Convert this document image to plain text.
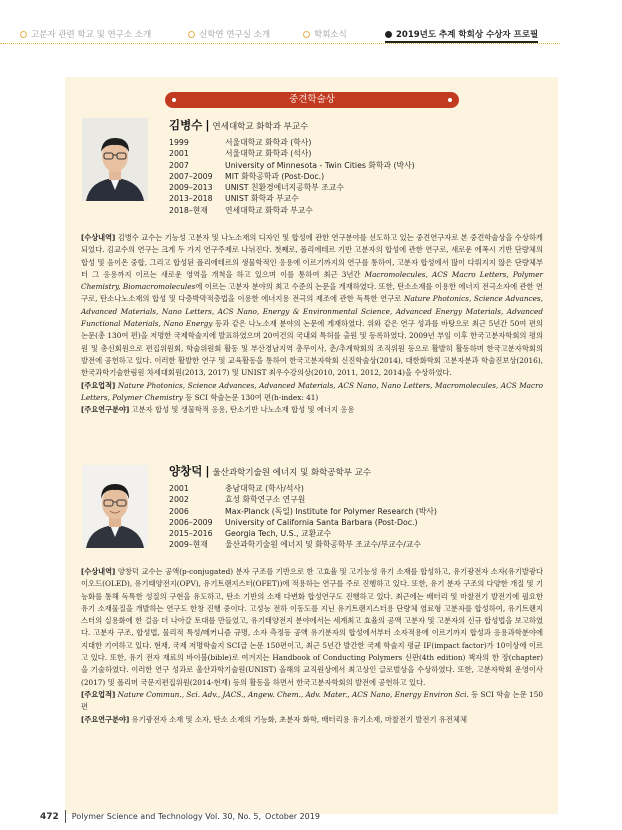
고분자 관련 학교 및 연구소 소개	신학연 연구실 소개	학회소식	2019년도 추계 학회상 수상자 프로필
중견학술상
김병수 | 연세대학교 화학과 부교수
1999	서울대학교 화학과 (학사)
2001	서울대학교 화학과 (석사)
2007	University of Minnesota - Twin Cities 화학과 (박사)
2007–2009 MIT 화학공학과 (Post-Doc.)
2009–2013 UNIST 친환경에너지공학부 조교수
2013–2018 UNIST 화학과 부교수
2018–현재 연세대학교 화학과 부교수

[수상내역] 김병수 교수는 기능성 고분자 및 나노소재의 디자인 및 합성에 관한 연구분야를 선도하고 있는 중견연구자로 본 중견학술상을 수상하게 되었다. 김교수의 연구는 크게 두 가지 연구주제로 나뉘진다. 첫째로, 폴리에테르 기반 고분자의 합성에 관한 연구로, 새로운 에폭시 기반 단량체의 합성 및 음이온 중합, 그리고 합성된 폴리에테르의 생물학적인 응용에 이르기까지의 연구를 통하여, 고분자 합성에서 많이 다뤄지지 않은 단량체부터 그 응용까지 이르는 새로운 영역을 개척을 하고 있으며 이를 통하여 최근 3년간 Macromolecules, ACS Macro Letters, Polymer Chemistry, Biomacromolecules에 이르는 고분자 분야의 최고 수준의 논문을 게재하였다. 또한, 탄소소재를 이용한 에너지 전극소자에 관한 연구로, 탄소나노소재의 합성 및 다층박막적층법을 이용한 에너지용 전극의 제조에 관한 독특한 연구로 Nature Photonics, Science Advances, Advanced Materials, Nano Letters, ACS Nano, Energy & Environmental Science, Advanced Energy Materials, Advanced Functional Materials, Nano Energy 등과 같은 나노소재 분야의 논문에 게재하였다. 위와 같은 연구 성과를 바탕으로 최근 5년간 50여 편의 논문(총 130여 편)을 저명한 국제학술지에 발표하였으며 20여건의 국내외 특허를 출원 및 등록하였다. 2009년 부임 이후 한국고분자학회의 평의원 및 총신회원으로 편집위원회, 학술위원회 활동 및 부산경남지역 총무이사, 춘/추계학회의 조직위원 등으로 활발히 활동하며 한국고분자학회의 발전에 공헌하고 있다. 이러한 활발한 연구 및 교육활동을 통하여 한국고분자학회 신진학술상(2014), 대한화학회 고분자분과 학술진보상(2016), 한국과학기술한림원 차세대회원(2013, 2017) 및 UNIST 최우수강의상(2010, 2011, 2012, 2014)을 수상하였다.

[주요업적] Nature Photonics, Science Advances, Advanced Materials, ACS Nano, Nano Letters, Macromolecules, ACS Macro Letters, Polymer Chemistry 등 SCI 학술논문 130여 편(h-index: 41)

[주요연구분야] 고분자 합성 및 생물학적 응용, 탄소기반 나노소재 합성 및 에너지 응용

양창덕 | 울산과학기술원 에너지 및 화학공학부 교수
2001	충남대학교 (학사/석사)
2002	효성 화학연구소 연구원
2006	Max-Planck (독일) Institute for Polymer Research (박사)
2006–2009 University of California Santa Barbara (Post-Doc.)
2015–2016 Georgia Tech, U.S., 교환교수
2009–현재 울산과학기술원 에너지 및 화학공학부 조교수/부교수/교수

[수상내역] 양창덕 교수는 공액(p-conjugated) 분자 구조를 기반으로 한 고효율 및 고기능성 유기 소재를 합성하고, 유기광전자 소자(유기발광다이오드(OLED), 유기태양전지(OPV), 유기트랜지스터(OFET))에 적용하는 연구를 주로 진행하고 있다. 또한, 유기 분자 구조의 다양한 개질 및 기능화를 통해 독특한 성질의 구현을 유도하고, 탄소 기반의 소재 다변화 합성연구도 진행하고 있다. 최근에는 배터리 및 마찰전기 발전기에 필요한 유기 소재물질을 개발하는 연구도 한창 진행 중이다. 고성능 전하 이동도를 지닌 유기트랜지스터용 단량체 염료형 고분자를 합성하여, 유기트랜지스터의 실용화에 한 걸음 더 나아갈 토대를 만들었고, 유기태양전지 분야에서는 세계최고 효율의 공액 고분자 및 고분자의 신규 합성법을 보고하였다. 고분자 구조, 합성법, 물리적 특성/메커니즘 규명, 소자 측정등 공액 유기분자의 합성에서부터 소자적용에 이르기까지 합성과 응용과학분야에 지대한 기여하고 있다. 현재, 국제 저명학술지 SCI급 논문 150편이고, 최근 5년간 발간한 국제 학술지 평균 IF(impact factor)가 10이상에 이르고 있다. 또한, 유기 전자 재료의 바이블(bible)로 여겨지는 Handbook of Conducting Polymers 신판(4th edition) 책자의 한 장(chapter)을 기술하였다. 이러한 연구 성과로 울산과학기술원(UNIST) 올해의 교직원상에서 최고상인 글로벌상을 수상하였다. 또한, 고분자학회 운영이사(2017) 및 폴리머 국문지편집위원(2014-현재) 등의 활동을 하면서 한국고분자학회의 발전에 공헌하고 있다.

[주요업적] Nature Commun., Sci. Adv., JACS., Angew. Chem., Adv. Mater., ACS Nano, Energy Environ Sci. 등 SCI 학술 논문 150편

[주요연구분야] 유기광전자 소재 및 소자, 탄소 소재의 기능화, 초분자 화학, 배터리용 유기소재, 마찰전기 발전기 유전체체

472 Polymer Science and Technology
Vol. 30, No. 5, October 2019
